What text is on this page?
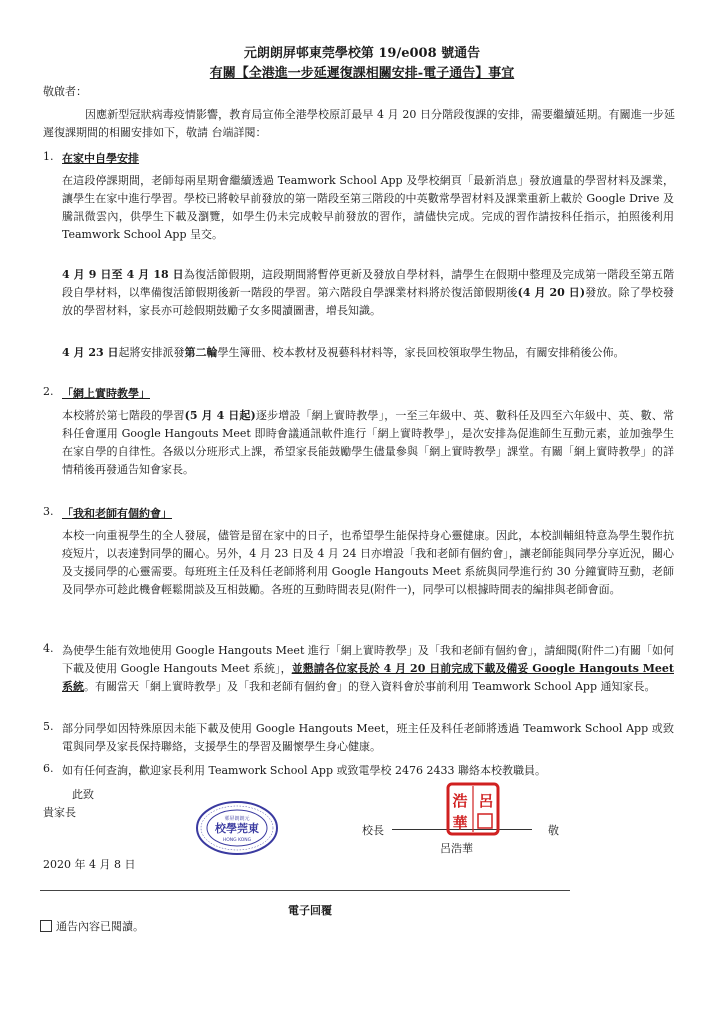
元朗朗屏邨東莞學校第 19/e008 號通告
有關【全港進一步延遲復課相關安排-電子通告】事宜
敬啟者：
因應新型冠狀病毒疫情影響，教育局宣佈全港學校原訂最早 4 月 20 日分階段復課的安排，需要繼續延期。有關進一步延遲復課期間的相關安排如下，敬請 台端詳閱：
1. 在家中自學安排
在這段停課期間，老師每兩星期會繼續透過 Teamwork School App 及學校網頁「最新消息」發放適量的學習材料及課業，讓學生在家中進行學習。學校已將較早前發放的第一階段至第三階段的中英數常學習材料及課業重新上載於 Google Drive 及騰訊微雲內，供學生下載及瀏覽，如學生仍未完成較早前發放的習作，請儘快完成。完成的習作請按科任指示，拍照後利用 Teamwork School App 呈交。
4 月 9 日至 4 月 18 日為復活節假期，這段期間將暫停更新及發放自學材料，請學生在假期中整理及完成第一階段至第五階段自學材料，以準備復活節假期後新一階段的學習。第六階段自學課業材料將於復活節假期後(4 月 20 日)發放。除了學校發放的學習材料，家長亦可趁假期鼓勵子女多閱讀圖書，增長知識。
4 月 23 日起將安排派發第二輪學生簿冊、校本教材及視藝科材料等，家長回校領取學生物品，有關安排稍後公佈。
2. 「網上實時教學」
本校將於第七階段的學習(5 月 4 日起)逐步增設「網上實時教學」，一至三年級中、英、數科任及四至六年級中、英、數、常科任會運用 Google Hangouts Meet 即時會議通訊軟件進行「網上實時教學」，是次安排為促進師生互動元素，並加強學生在家自學的自律性。各級以分班形式上課，希望家長能鼓勵學生儘量參與「網上實時教學」課堂。有關「網上實時教學」的詳情稍後再發通告知會家長。
3. 「我和老師有個約會」
本校一向重視學生的全人發展，儘管是留在家中的日子，也希望學生能保持身心靈健康。因此，本校訓輔組特意為學生製作抗疫短片，以表達對同學的關心。另外，4 月 23 日及 4 月 24 日亦增設「我和老師有個約會」，讓老師能與同學分享近況，關心及支援同學的心靈需要。每班班主任及科任老師將利用 Google Hangouts Meet 系統與同學進行約 30 分鐘實時互動，老師及同學亦可趁此機會輕鬆閒談及互相鼓勵。各班的互動時間表見(附件一)，同學可以根據時間表的編排與老師會面。
4. 為使學生能有效地使用 Google Hangouts Meet 進行「網上實時教學」及「我和老師有個約會」，請細閱(附件二)有關「如何下載及使用 Google Hangouts Meet 系統」，並懇請各位家長於 4 月 20 日前完成下載及備妥 Google Hangouts Meet 系統。有關當天「網上實時教學」及「我和老師有個約會」的登入資料會於事前利用 Teamwork School App 通知家長。
5. 部分同學如因特殊原因未能下載及使用 Google Hangouts Meet，班主任及科任老師將透過 Teamwork School App 或致電與同學及家長保持聯絡，支援學生的學習及關懷學生身心健康。
6. 如有任何查詢，歡迎家長利用 Teamwork School App 或致電學校 2476 2433 聯絡本校教職員。
此致
貴家長	邨屏朗朗元
校學莞東
HONG KONG
校長	敬
呂浩華
浩 呂
華
2020 年 4 月 8 日
電子回覆
通告內容已閱讀。
